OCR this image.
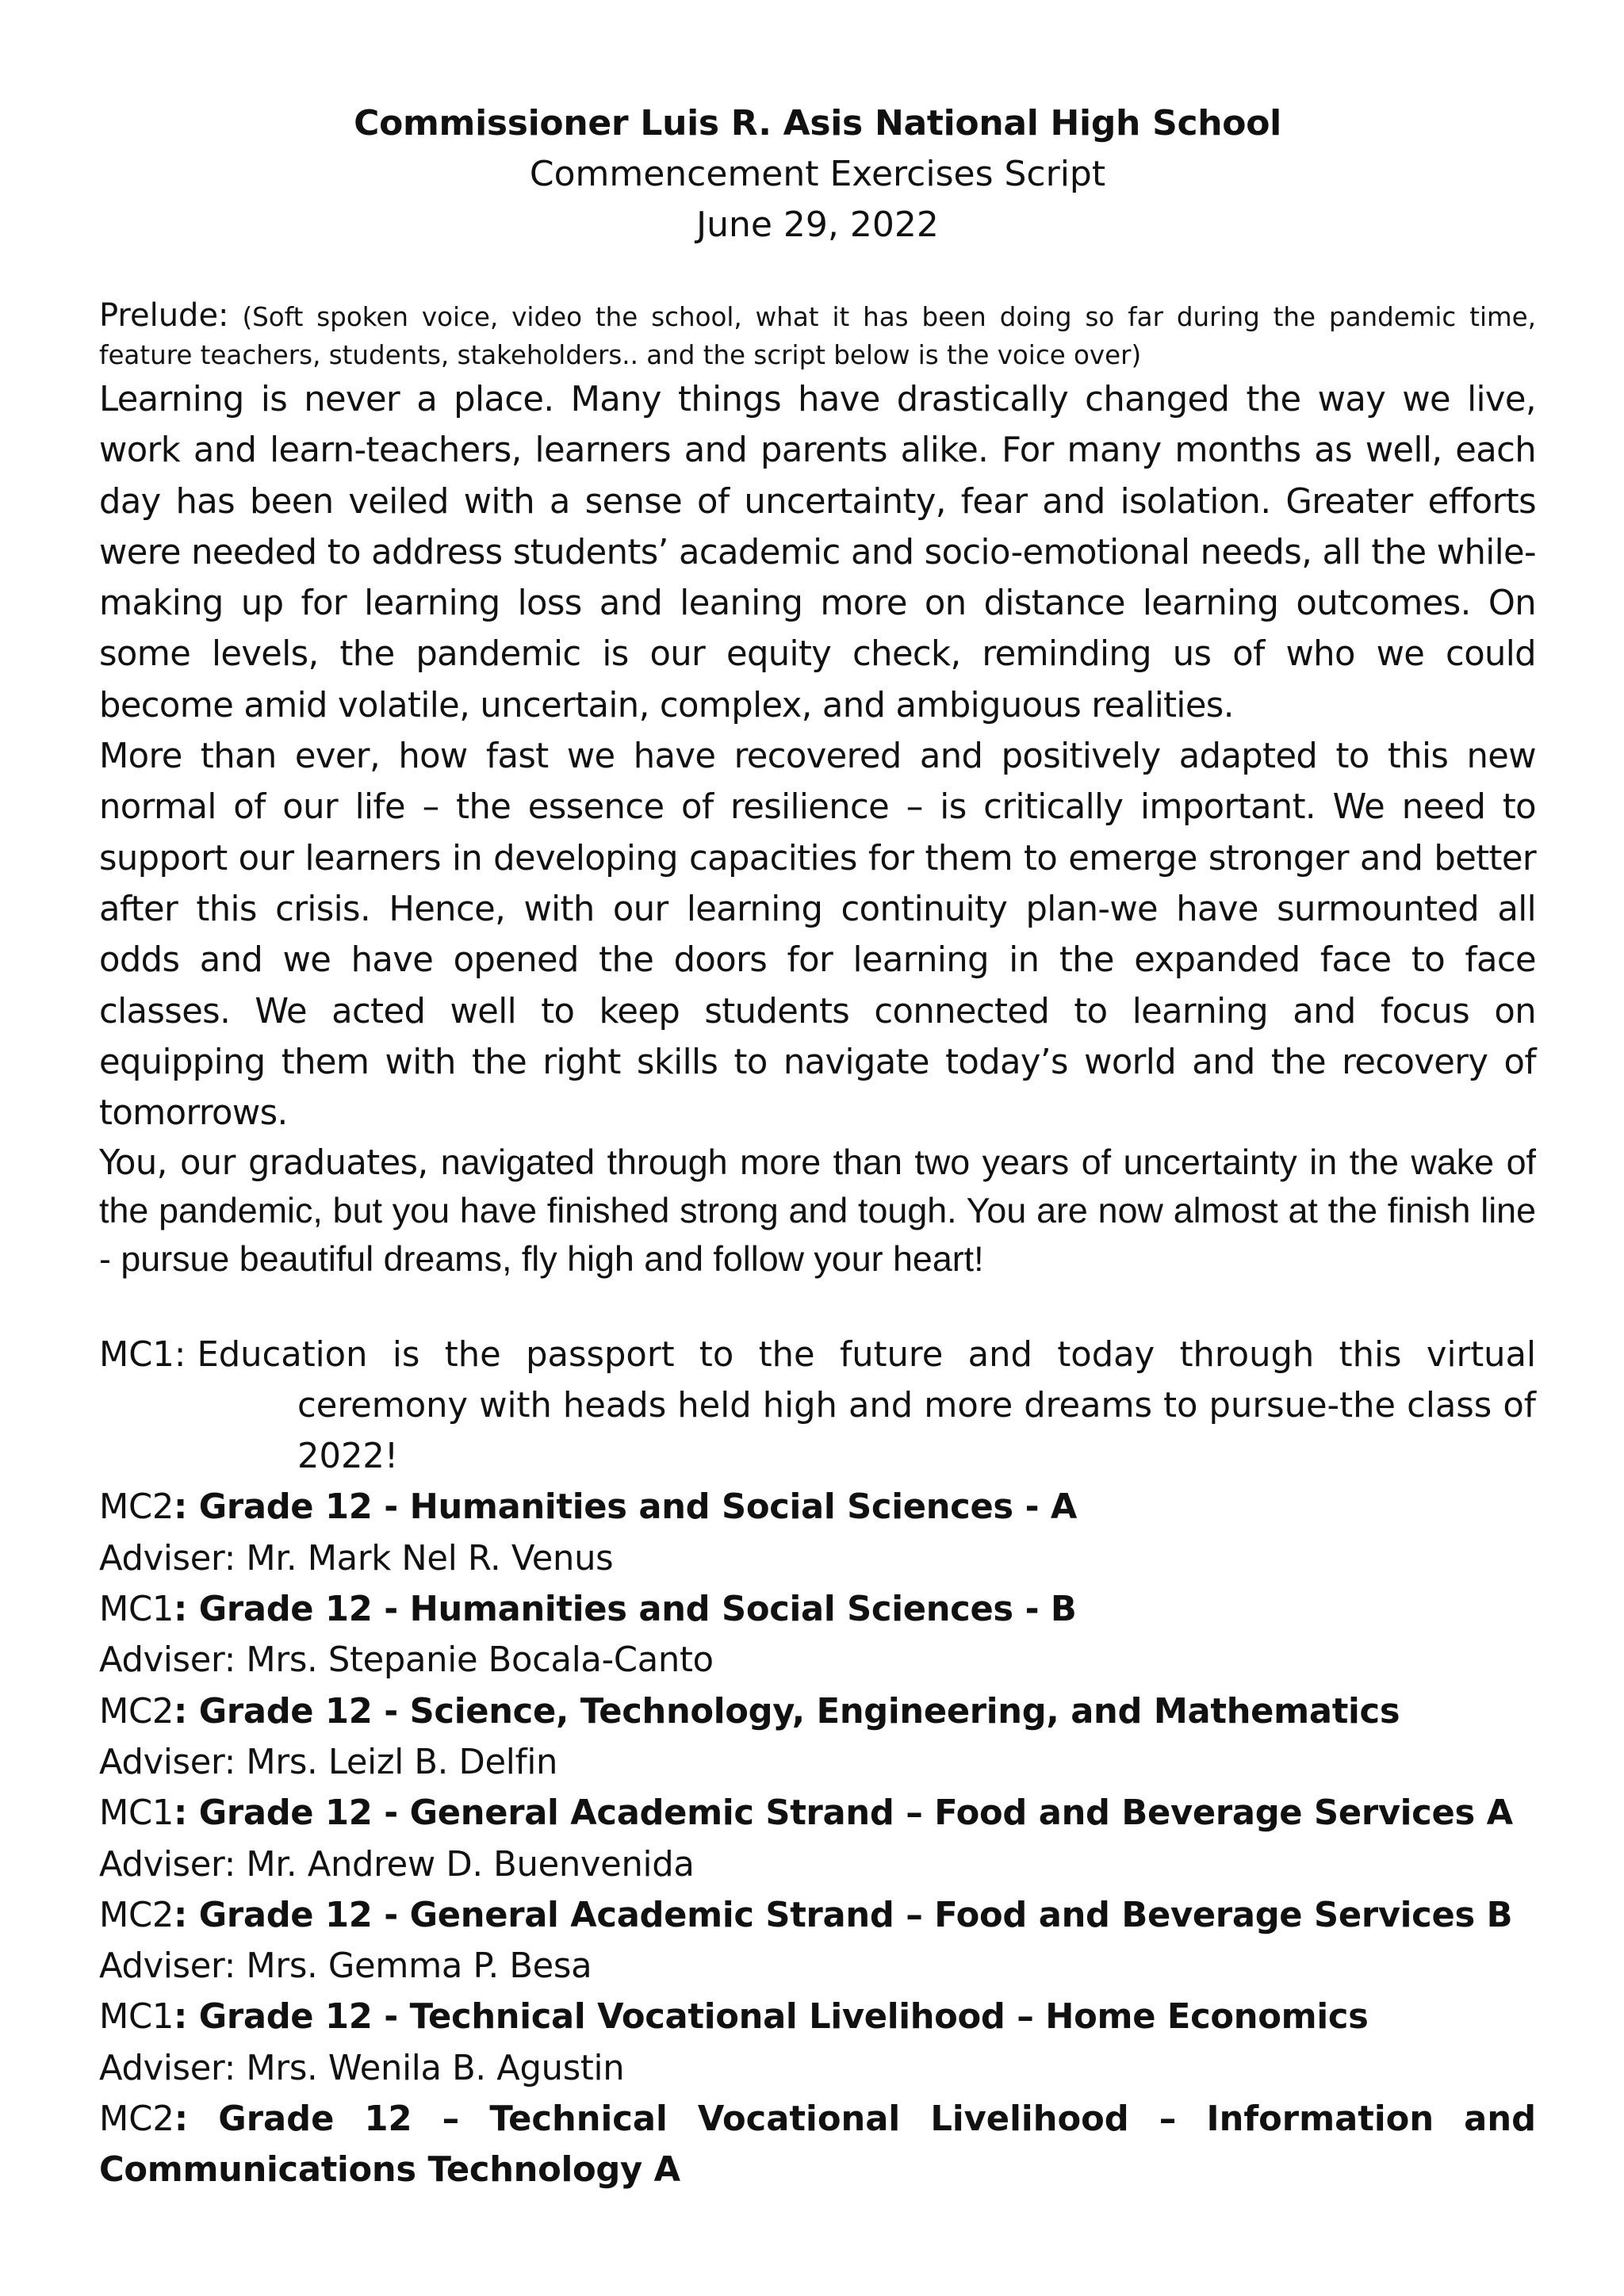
Commissioner Luis R. Asis National High School
Commencement Exercises Script
June 29, 2022
Prelude: (Soft spoken voice, video the school, what it has been doing so far during the pandemic time, feature teachers, students, stakeholders.. and the script below is the voice over)

Learning is never a place. Many things have drastically changed the way we live, work and learn-teachers, learners and parents alike. For many months as well, each day has been veiled with a sense of uncertainty, fear and isolation. Greater efforts were needed to address students’ academic and socio-emotional needs, all the while- making up for learning loss and leaning more on distance learning outcomes. On some levels, the pandemic is our equity check, reminding us of who we could become amid volatile, uncertain, complex, and ambiguous realities.

More than ever, how fast we have recovered and positively adapted to this new normal of our life – the essence of resilience – is critically important. We need to support our learners in developing capacities for them to emerge stronger and better after this crisis. Hence, with our learning continuity plan-we have surmounted all odds and we have opened the doors for learning in the expanded face to face classes. We acted well to keep students connected to learning and focus on equipping them with the right skills to navigate today’s world and the recovery of tomorrows.

You, our graduates, navigated through more than two years of uncertainty in the wake of the pandemic, but you have finished strong and tough. You are now almost at the finish line - pursue beautiful dreams, fly high and follow your heart!

MC1: Education is the passport to the future and today through this virtual
ceremony with heads held high and more dreams to pursue-the class of 2022!
MC2: Grade 12 - Humanities and Social Sciences - A
Adviser: Mr. Mark Nel R. Venus
MC1: Grade 12 - Humanities and Social Sciences - B
Adviser: Mrs. Stepanie Bocala-Canto
MC2: Grade 12 - Science, Technology, Engineering, and Mathematics
Adviser: Mrs. Leizl B. Delfin
MC1: Grade 12 - General Academic Strand – Food and Beverage Services A
Adviser: Mr. Andrew D. Buenvenida
MC2: Grade 12 - General Academic Strand – Food and Beverage Services B
Adviser: Mrs. Gemma P. Besa
MC1: Grade 12 - Technical Vocational Livelihood – Home Economics
Adviser: Mrs. Wenila B. Agustin
MC2: Grade 12 – Technical Vocational Livelihood – Information and
Communications Technology A
